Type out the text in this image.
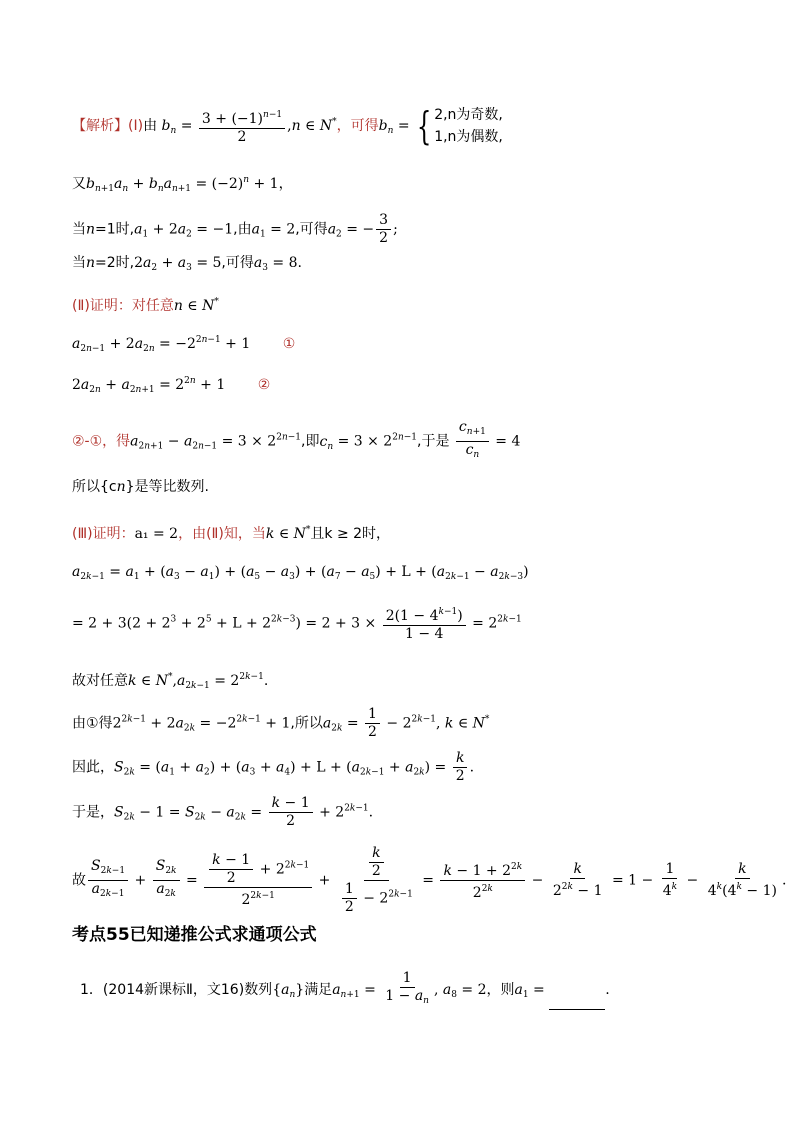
【解析】(Ⅰ)由 $b_n = \frac{3 + (-1)^{n-1}}{2} ,n$ ∈ N*，可得$b_n$ = { 2,n为奇数,
1,n为偶数,
又$b_{n+1}a_n + b_na_{n+1} = (-2)^n + 1$，
当n=1时$,a_1 + 2a_2 = -1$,由$a_1 = 2$,可得$a_2$ = − $\frac{3}{2}$ ;
当n=2时$,2a_2 + a_3 = 5$,可得$a_3 = 8$.
(Ⅱ)证明：对任意n ∈ N*
$a_{2n-1} + 2a_{2n} = -2^{2n-1} + 1$ ①
$2a_{2n} + a_{2n+1} = 2^{2n} + 1$ ②
②-①，得$a_{2n+1} - a_{2n-1} = 3 \times 2^{2n-1}$,即$c_n = 3 \times 2^{2n-1}$,于是 $\frac{c_{n+1}}{c_n} = 4$
所以{cn}是等比数列.
(Ⅲ)证明：a₁ = 2，由(Ⅱ)知，当k ∈ N*且k ≥ 2时，
$a_{2k-1} = a_1 + (a_3 - a_1) + (a_5 - a_3) + (a_7 - a_5) + L + (a_{2k-1} - a_{2k-3})$
= $2 + 3(2 + 2^3 + 2^5 + L + 2^{2k-3}) = 2 + 3 \times \frac{2(1 - 4^{k-1})}{1 - 4} = 2^{2k-1}$
故对任意k ∈ $N^*,a_{2k-1} = 2^{2k-1}$.
由①得$2^{2k-1} + 2a_{2k} = -2^{2k-1} + 1$,所以$a_{2k} = \frac{1}{2} - 2^{2k-1}$, k ∈ N*
因此，$S_{2k} = (a_1 + a_2) + (a_3 + a_4) + L + (a_{2k-1} + a_{2k}) = \frac{k}{2}$ .
于是，$S_{2k} - 1 = S_{2k} - a_{2k} = \frac{k - 1}{2} + 2^{2k-1}$.
故 $\frac{S_{2k-1}}{a_{2k-1}} + \frac{S_{2k}}{a_{2k}} = \frac{\frac{k - 1}{2} + 2^{2k-1}}{2^{2k-1}} + \frac{\frac{k}{2}}{\frac{1}{2} - 2^{2k-1}} = \frac{k - 1 + 2^{2k}}{2^{2k}} - \frac{k}{2^{2k} - 1} = 1 - \frac{1}{4^k} - \frac{k}{4^k(4^k - 1)}$ .
考点55已知递推公式求通项公式
1．(2014新课标Ⅱ，文16)数列$\{a_n\}$满足$a_{n+1} = \frac{1}{1 - a_n}$ , $a_8 = 2$，则$a_1$ =	.
